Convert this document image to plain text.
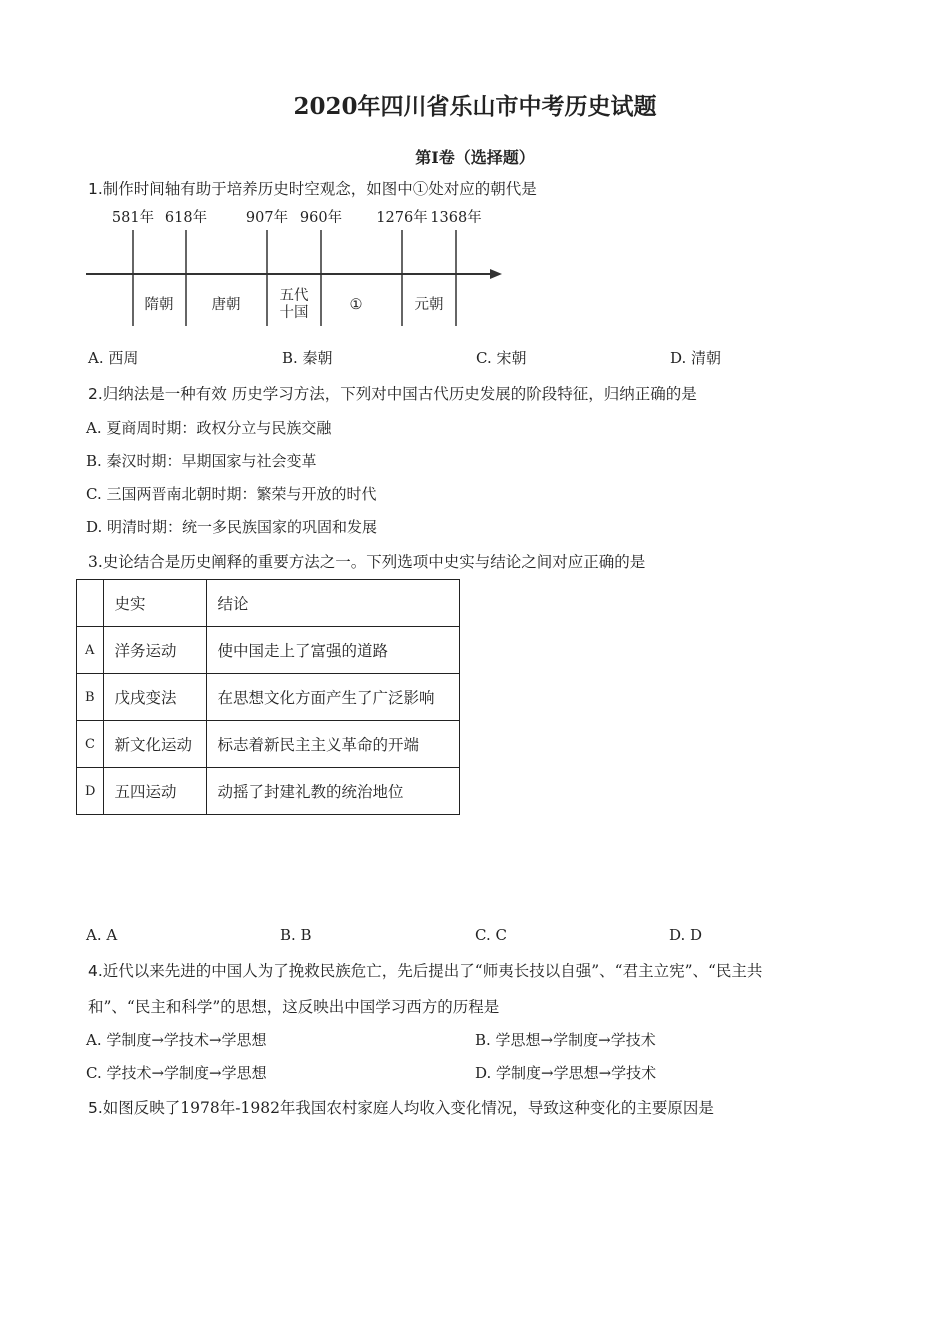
2020年四川省乐山市中考历史试题
第Ⅰ卷（选择题）
1.制作时间轴有助于培养历史时空观念，如图中①处对应的朝代是
581年 618年	907年 960年 1276年 1368年
隋朝	唐朝
五代
十国	①	元朝
A. 西周	B. 秦朝	C. 宋朝	D. 清朝
2.归纳法是一种有效 历史学习方法，下列对中国古代历史发展的阶段特征，归纳正确的是
A. 夏商周时期：政权分立与民族交融
B. 秦汉时期：早期国家与社会变革
C. 三国两晋南北朝时期：繁荣与开放的时代
D. 明清时期：统一多民族国家的巩固和发展
3.史论结合是历史阐释的重要方法之一。下列选项中史实与结论之间对应正确的是
	史实	结论
A	洋务运动	使中国走上了富强的道路
B	戊戌变法	在思想文化方面产生了广泛影响
C	新文化运动	标志着新民主主义革命的开端
D	五四运动	动摇了封建礼教的统治地位
A. A	B. B	C. C	D. D
4.近代以来先进的中国人为了挽救民族危亡，先后提出了“师夷长技以自强”、“君主立宪”、“民主共
和”、“民主和科学”的思想，这反映出中国学习西方的历程是
A. 学制度→学技术→学思想	B. 学思想→学制度→学技术
C. 学技术→学制度→学思想	D. 学制度→学思想→学技术
5.如图反映了1978年-1982年我国农村家庭人均收入变化情况，导致这种变化的主要原因是
